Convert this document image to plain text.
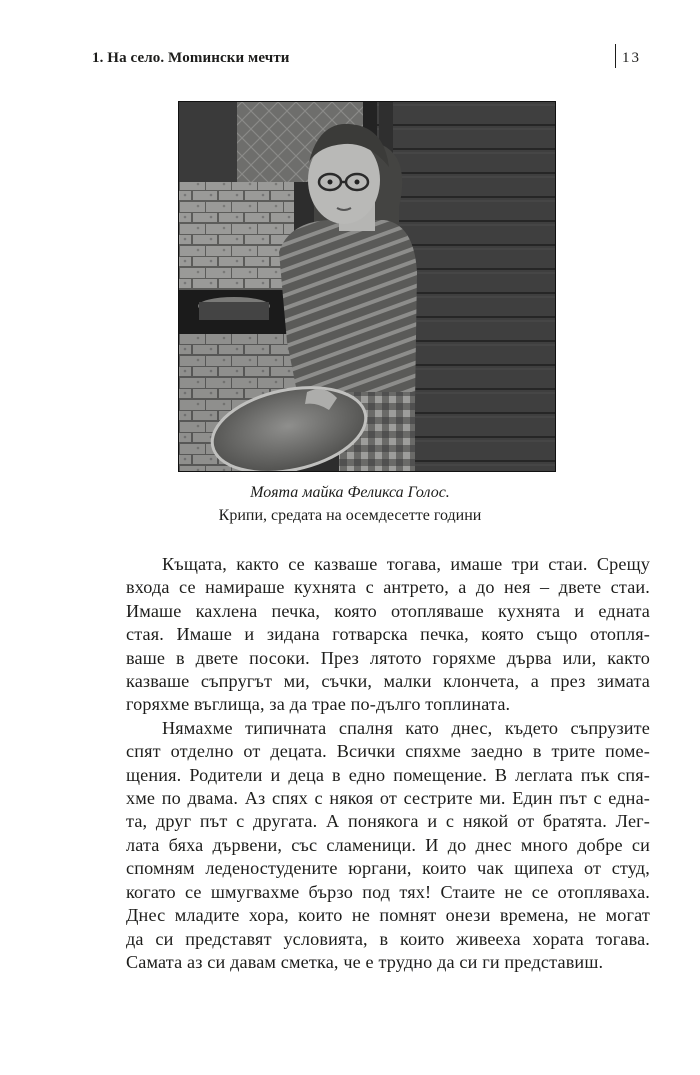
1. На село. Momински мечти	13
Моята майка Феликса Голос.
Крипи, средата на осемдесетте години

Къщата, както се казваше тогава, имаше три стаи. Срещу
входа се намираше кухнята с антрето, а до нея – двете стаи.
Имаше кахлена печка, която отопляваше кухнята и едната
стая. Имаше и зидана готварска печка, която също отопля-
ваше в двете посоки. През лятото горяхме дърва или, както
казваше съпругът ми, съчки, малки клончета, а през зимата
горяхме въглища, за да трае по-дълго топлината.

Нямахме типичната спалня като днес, където съпрузите
спят отделно от децата. Всички спяхме заедно в трите поме-
щения. Родители и деца в едно помещение. В леглата пък спя-
хме по двама. Аз спях с някоя от сестрите ми. Един път с една-
та, друг път с другата. А понякога и с някой от братята. Лег-
лата бяха дървени, със сламеници. И до днес много добре си
спомням леденостудените юргани, които чак щипеха от студ,
когато се шмугвахме бързо под тях! Стаите не се отопляваха.
Днес младите хора, които не помнят онези времена, не могат
да си представят условията, в които живееха хората тогава.
Самата аз си давам сметка, че е трудно да си ги представиш.
